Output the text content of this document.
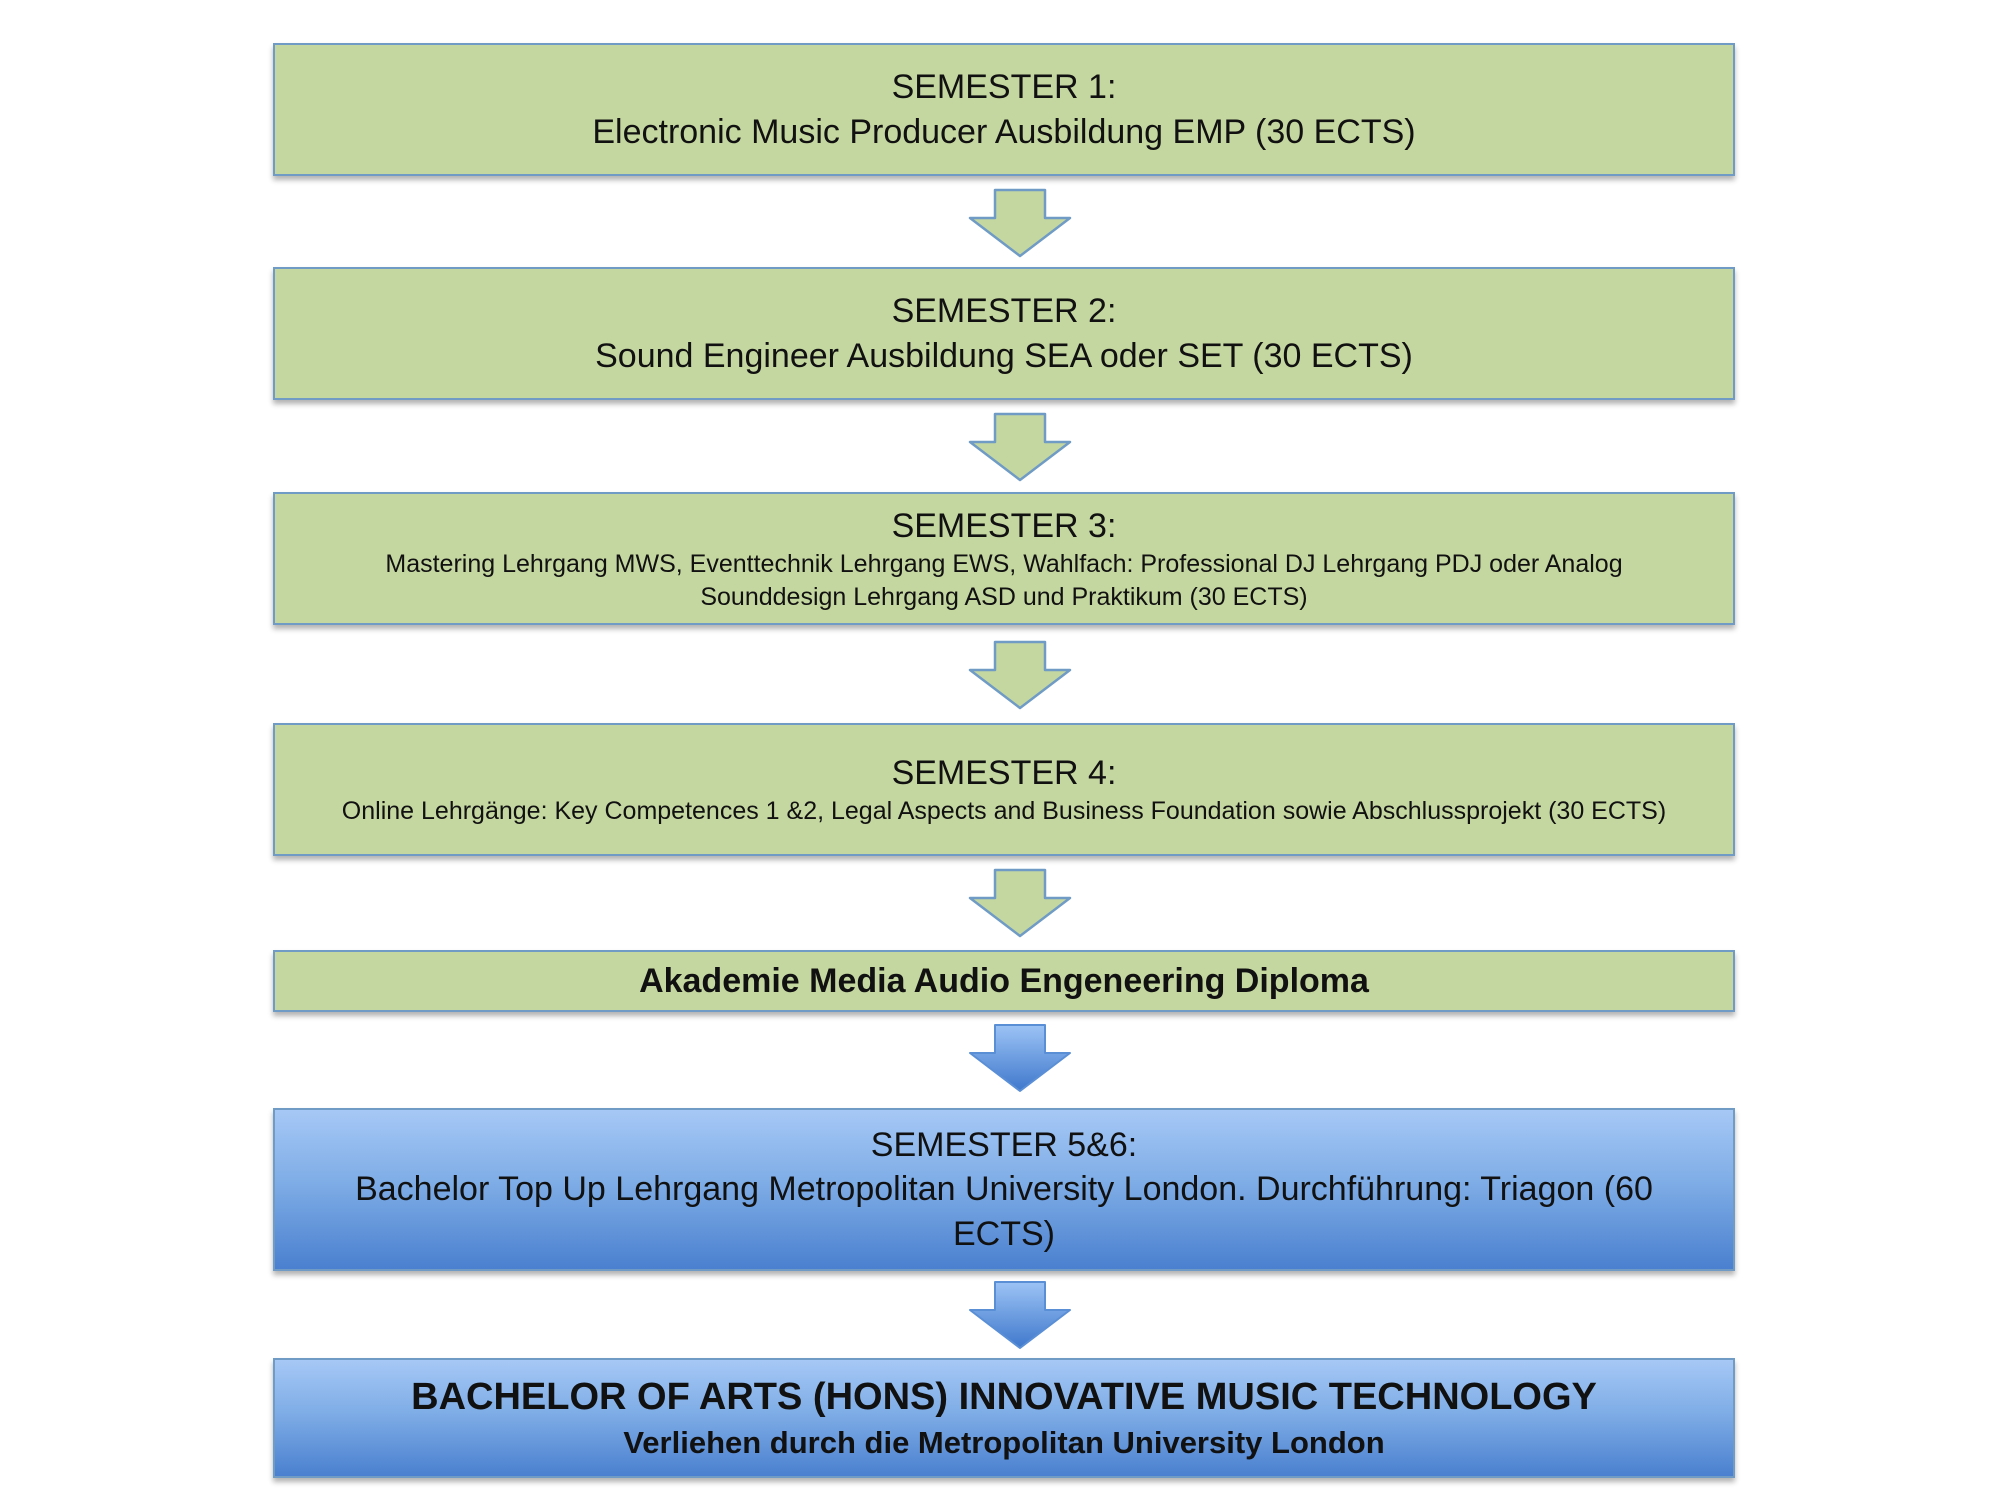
SEMESTER 1:

Electronic Music Producer Ausbildung EMP (30 ECTS)

SEMESTER 2:

Sound Engineer Ausbildung SEA oder SET (30 ECTS)

SEMESTER 3:

Mastering Lehrgang MWS, Eventtechnik Lehrgang EWS, Wahlfach: Professional DJ Lehrgang PDJ oder Analog Sounddesign Lehrgang ASD und Praktikum (30 ECTS)

SEMESTER 4:

Online Lehrgänge: Key Competences 1 &2, Legal Aspects and Business Foundation sowie Abschlussprojekt (30 ECTS)

Akademie Media Audio Engeneering Diploma

SEMESTER 5&6:

Bachelor Top Up Lehrgang Metropolitan University London. Durchführung: Triagon (60 ECTS)

BACHELOR OF ARTS (HONS) INNOVATIVE MUSIC TECHNOLOGY

Verliehen durch die Metropolitan University London
